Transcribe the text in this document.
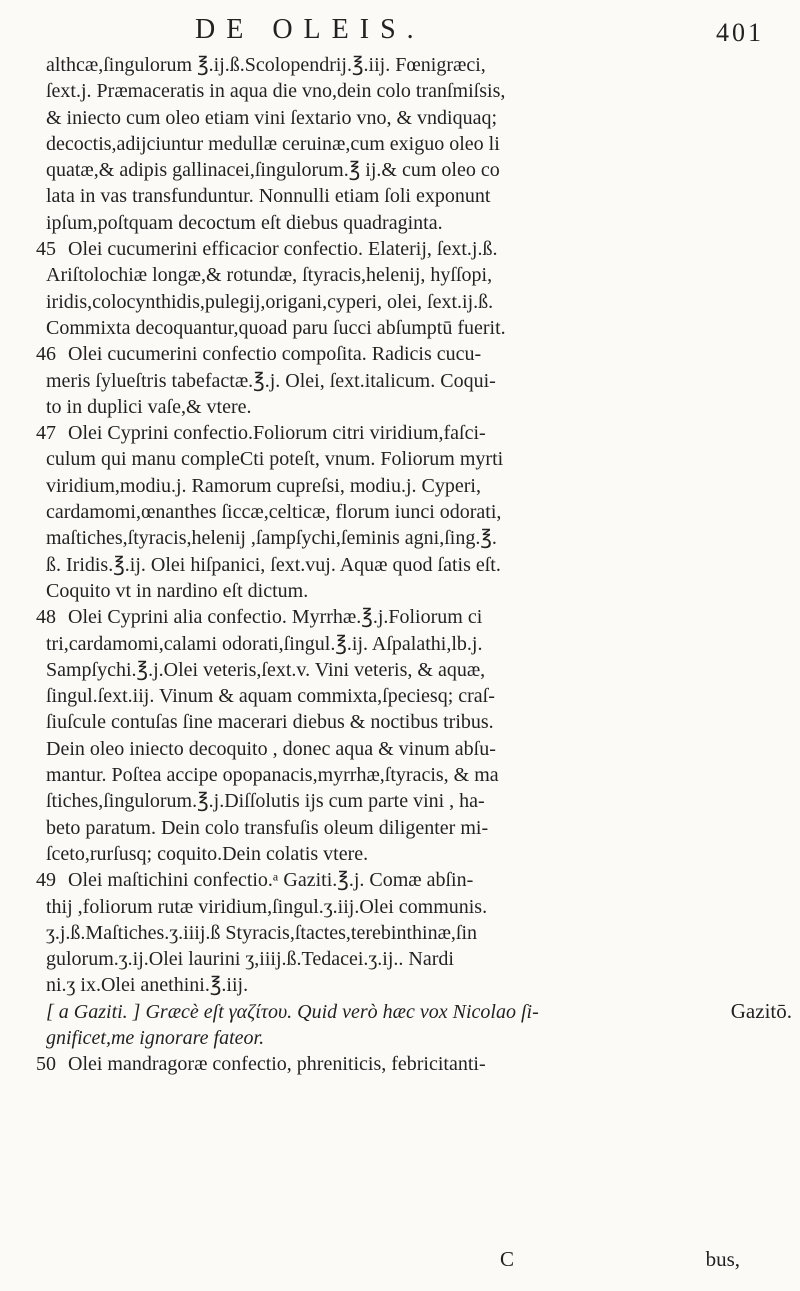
DE OLEIS.	401
althcæ,ſingulorum ℥.ij.ß.Scolopendrij.℥.iij. Fœnigræci,
ſext.j. Præmaceratis in aqua die vno,dein colo tranſmiſsis,
& iniecto cum oleo etiam vini ſextario vno, & vndiquaq;
decoctis,adijciuntur medullæ ceruinæ,cum exiguo oleo li
quatæ,& adipis gallinacei,ſingulorum.℥ ij.& cum oleo co
lata in vas transfunduntur. Nonnulli etiam ſoli exponunt
ipſum,poſtquam decoctum eſt diebus quadraginta.
45 Olei cucumerini efficacior confectio. Elaterij, ſext.j.ß.
Ariſtolochiæ longæ,& rotundæ, ſtyracis,helenij, hyſſopi,
iridis,colocynthidis,pulegij,origani,cyperi, olei, ſext.ij.ß.
Commixta decoquantur,quoad paru ſucci abſumptū fuerit.
46 Olei cucumerini confectio compoſita. Radicis cucu-
meris ſylueſtris tabefactæ.℥.j. Olei, ſext.italicum. Coqui-
to in duplici vaſe,& vtere.
47 Olei Cyprini confectio.Foliorum citri viridium,faſci-
culum qui manu compleCti poteſt, vnum. Foliorum myrti
viridium,modiu.j. Ramorum cupreſsi, modiu.j. Cyperi,
cardamomi,œnanthes ſiccæ,celticæ, florum iunci odorati,
maſtiches,ſtyracis,helenij ,ſampſychi,ſeminis agni,ſing.℥.
ß. Iridis.℥.ij. Olei hiſpanici, ſext.vuj. Aquæ quod ſatis eſt.
Coquito vt in nardino eſt dictum.
48 Olei Cyprini alia confectio. Myrrhæ.℥.j.Foliorum ci
tri,cardamomi,calami odorati,ſingul.℥.ij. Aſpalathi,lb.j.
Sampſychi.℥.j.Olei veteris,ſext.v. Vini veteris, & aquæ,
ſingul.ſext.iij. Vinum & aquam commixta,ſpeciesq; craſ-
ſiuſcule contuſas ſine macerari diebus & noctibus tribus.
Dein oleo iniecto decoquito , donec aqua & vinum abſu-
mantur. Poſtea accipe opopanacis,myrrhæ,ſtyracis, & ma
ſtiches,ſingulorum.℥.j.Diſſolutis ijs cum parte vini , ha-
beto paratum. Dein colo transfuſis oleum diligenter mi-
ſceto,rurſusq; coquito.Dein colatis vtere.
49 Olei maſtichini confectio.ᵃ Gaziti.℥.j. Comæ abſin-
thij ,foliorum rutæ viridium,ſingul.ʒ.iij.Olei communis.
ʒ.j.ß.Maſtiches.ʒ.iiij.ß Styracis,ſtactes,terebinthinæ,ſin
gulorum.ʒ.ij.Olei laurini ʒ,iiij.ß.Tedacei.ʒ.ij.. Nardi
ni.ʒ ix.Olei anethini.℥.iij.
[ a Gaziti. ] Græcè eſt γαζίτου. Quid verò hæc vox Nicolao ſi-
gnificet,me ignorare fateor.
50 Olei mandragoræ confectio, phreniticis, febricitanti-
C	bus,
Gazitō.
